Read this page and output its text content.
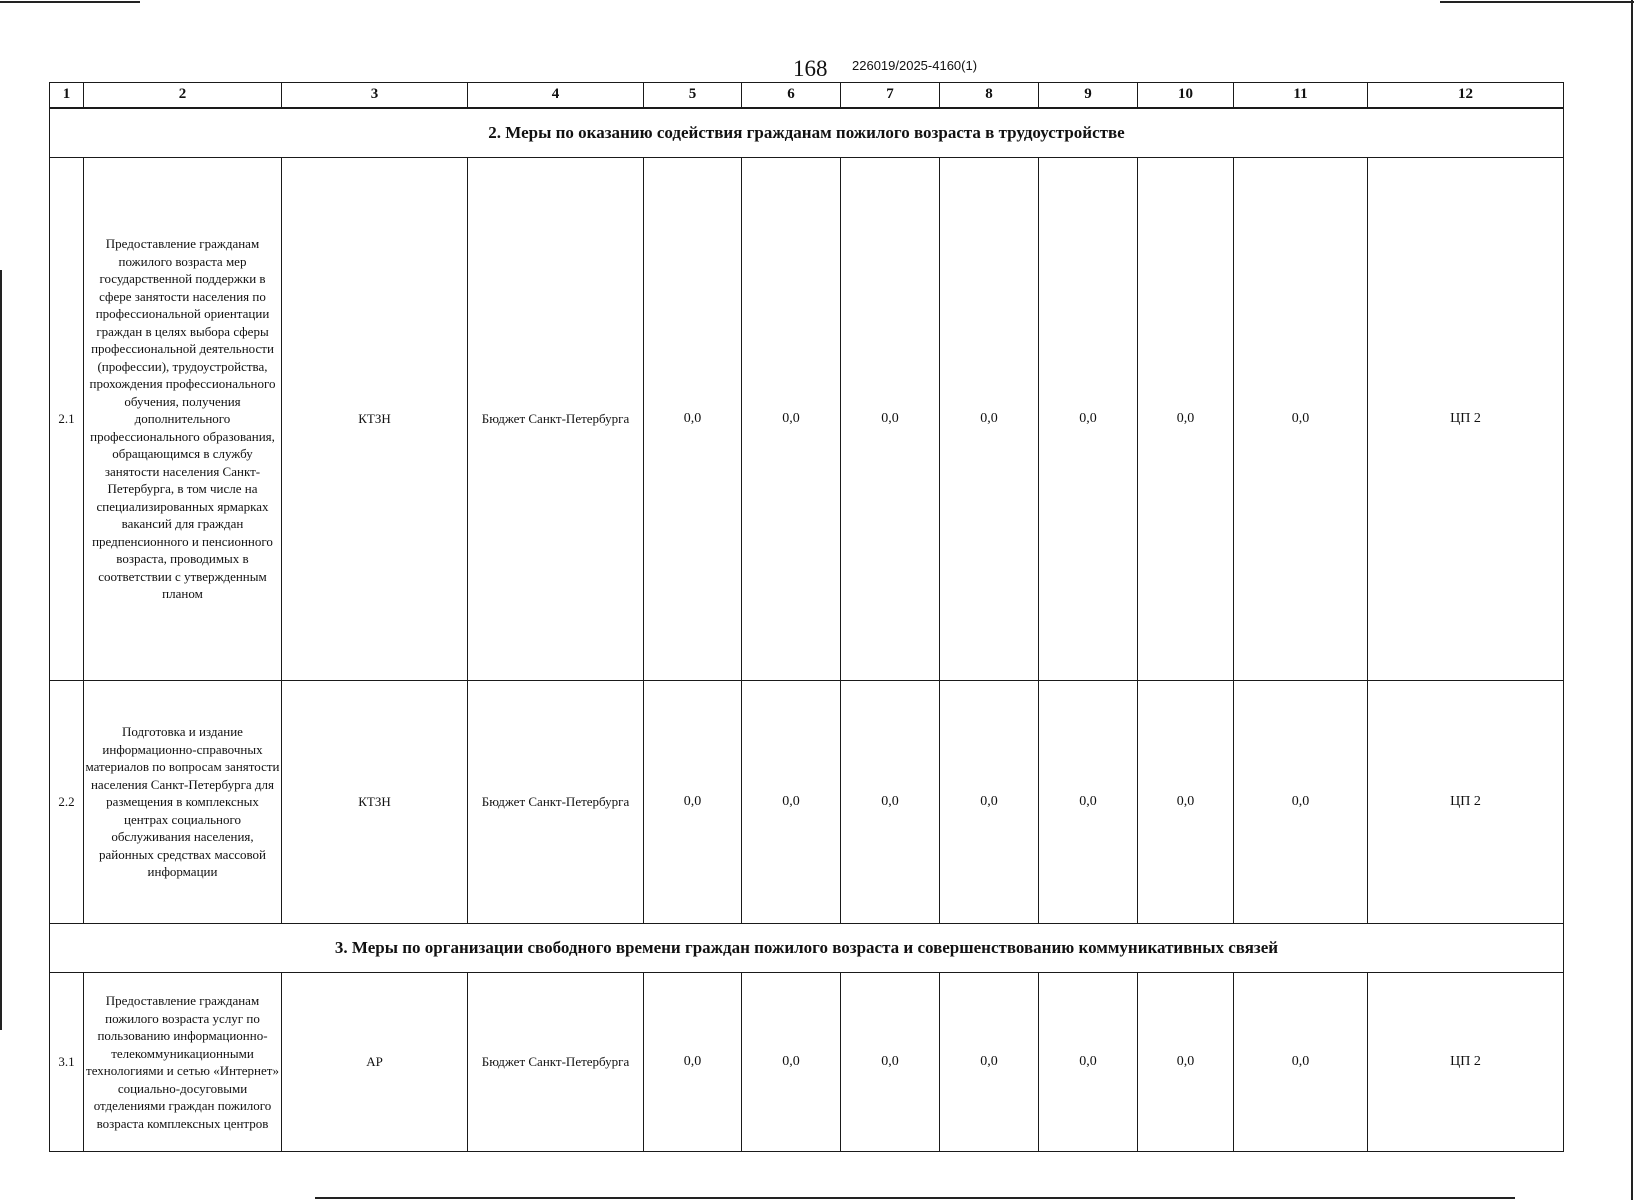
168 226019/2025-4160(1)
1	2	3	4	5	6	7	8	9	10	11	12
2. Меры по оказанию содействия гражданам пожилого возраста в трудоустройстве											
2.1	Предоставление гражданам пожилого возраста мер государственной поддержки в сфере занятости населения по профессиональной ориентации граждан в целях выбора сферы профессиональной деятельности (профессии), трудоустройства, прохождения профессионального обучения, получения дополнительного профессионального образования, обращающимся в службу занятости населения Санкт-Петербурга, в том числе на специализированных ярмарках вакансий для граждан предпенсионного и пенсионного возраста, проводимых в соответствии с утвержденным планом	КТЗН	Бюджет Санкт-Петербурга	0,0	0,0	0,0	0,0	0,0	0,0	0,0	ЦП 2
2.2	Подготовка и издание информационно-справочных материалов по вопросам занятости населения Санкт-Петербурга для размещения в комплексных центрах социального обслуживания населения, районных средствах массовой информации	КТЗН	Бюджет Санкт-Петербурга	0,0	0,0	0,0	0,0	0,0	0,0	0,0	ЦП 2
3. Меры по организации свободного времени граждан пожилого возраста и совершенствованию коммуникативных связей											
3.1	Предоставление гражданам пожилого возраста услуг по пользованию информационно-телекоммуникационными технологиями и сетью «Интернет» социально-досуговыми отделениями граждан пожилого возраста комплексных центров	АР	Бюджет Санкт-Петербурга	0,0	0,0	0,0	0,0	0,0	0,0	0,0	ЦП 2
